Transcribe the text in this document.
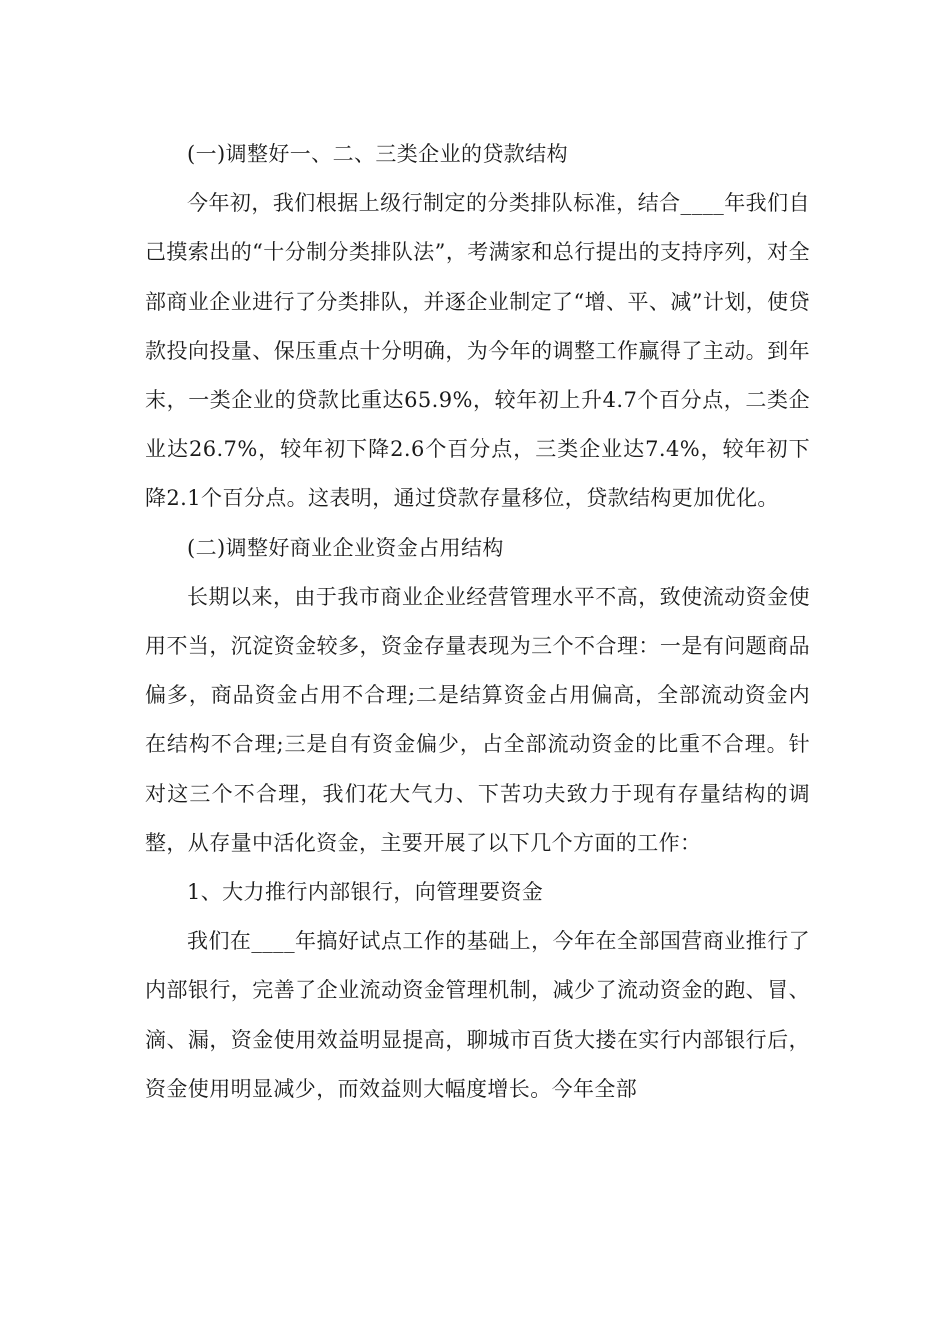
(一)调整好一、二、三类企业的贷款结构

今年初，我们根据上级行制定的分类排队标准，结合____年我们自己摸索出的“十分制分类排队法”，考满家和总行提出的支持序列，对全部商业企业进行了分类排队，并逐企业制定了“增、平、减”计划，使贷款投向投量、保压重点十分明确，为今年的调整工作赢得了主动。到年末，一类企业的贷款比重达65.9%，较年初上升4.7个百分点，二类企业达26.7%，较年初下降2.6个百分点，三类企业达7.4%，较年初下降2.1个百分点。这表明，通过贷款存量移位，贷款结构更加优化。

(二)调整好商业企业资金占用结构

长期以来，由于我市商业企业经营管理水平不高，致使流动资金使用不当，沉淀资金较多，资金存量表现为三个不合理：一是有问题商品偏多，商品资金占用不合理;二是结算资金占用偏高，全部流动资金内在结构不合理;三是自有资金偏少，占全部流动资金的比重不合理。针对这三个不合理，我们花大气力、下苦功夫致力于现有存量结构的调整，从存量中活化资金，主要开展了以下几个方面的工作：

1、大力推行内部银行，向管理要资金

我们在____年搞好试点工作的基础上，今年在全部国营商业推行了内部银行，完善了企业流动资金管理机制，减少了流动资金的跑、冒、滴、漏，资金使用效益明显提高，聊城市百货大搂在实行内部银行后，资金使用明显减少，而效益则大幅度增长。今年全部
